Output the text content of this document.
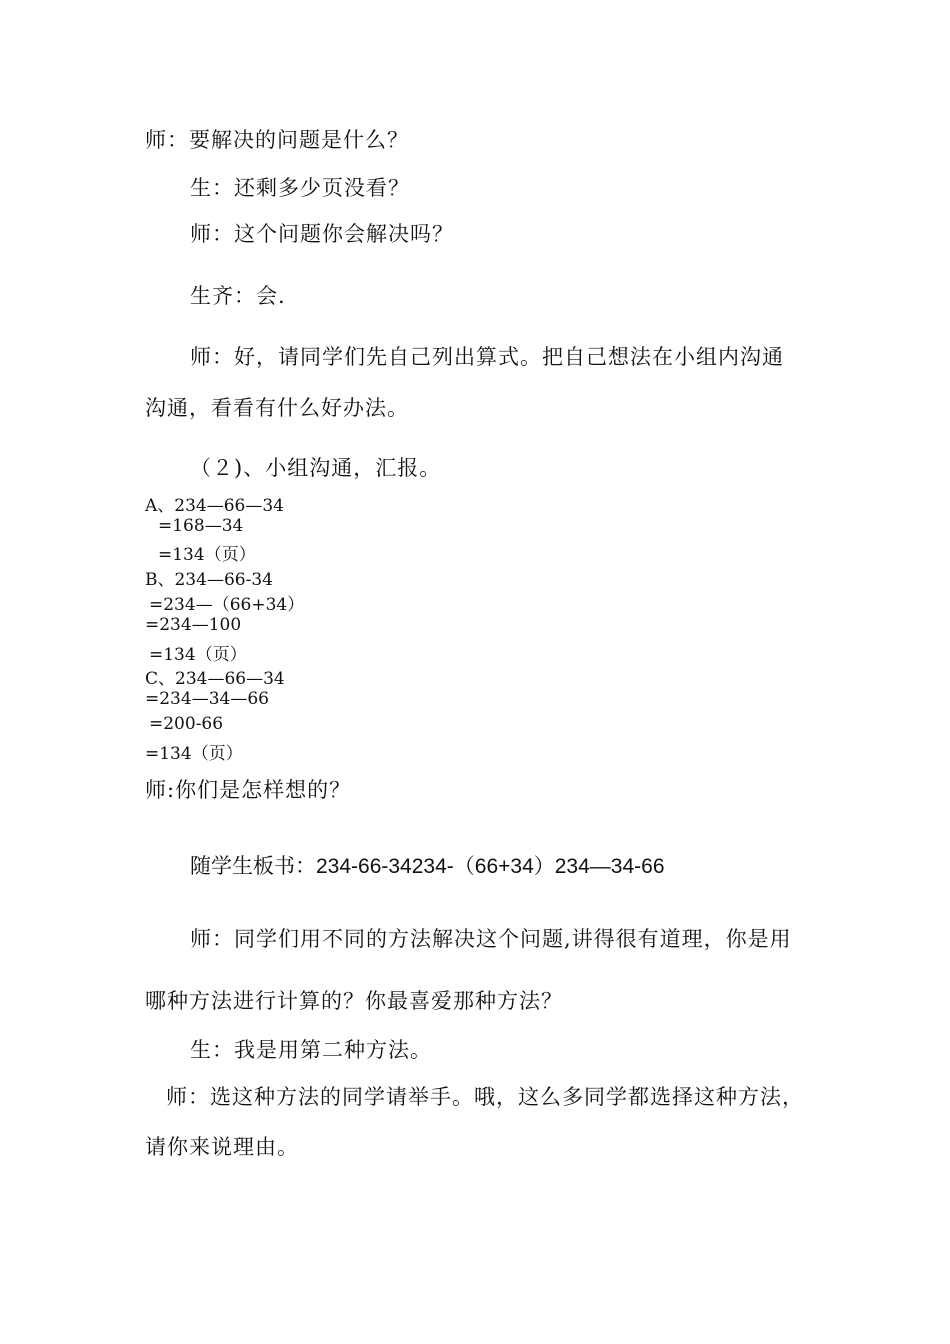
师：要解决的问题是什么？

生：还剩多少页没看？

师：这个问题你会解决吗？

生齐：会.

师：好，请同学们先自己列出算式。把自己想法在小组内沟通

沟通，看看有什么好办法。

（２)、小组沟通，汇报。

A、234—66—34

=168—34

=134（页）

B、234—66-34

=234—（66+34）

=234—100

=134（页）

C、234—66—34

=234—34—66

=200-66

=134（页）

师:你们是怎样想的？

随学生板书：234-66-34234-（66+34）234—34-66

师：同学们用不同的方法解决这个问题,讲得很有道理，你是用

哪种方法进行计算的？你最喜爱那种方法？

生：我是用第二种方法。

师：选这种方法的同学请举手。哦，这么多同学都选择这种方法，

请你来说理由。
